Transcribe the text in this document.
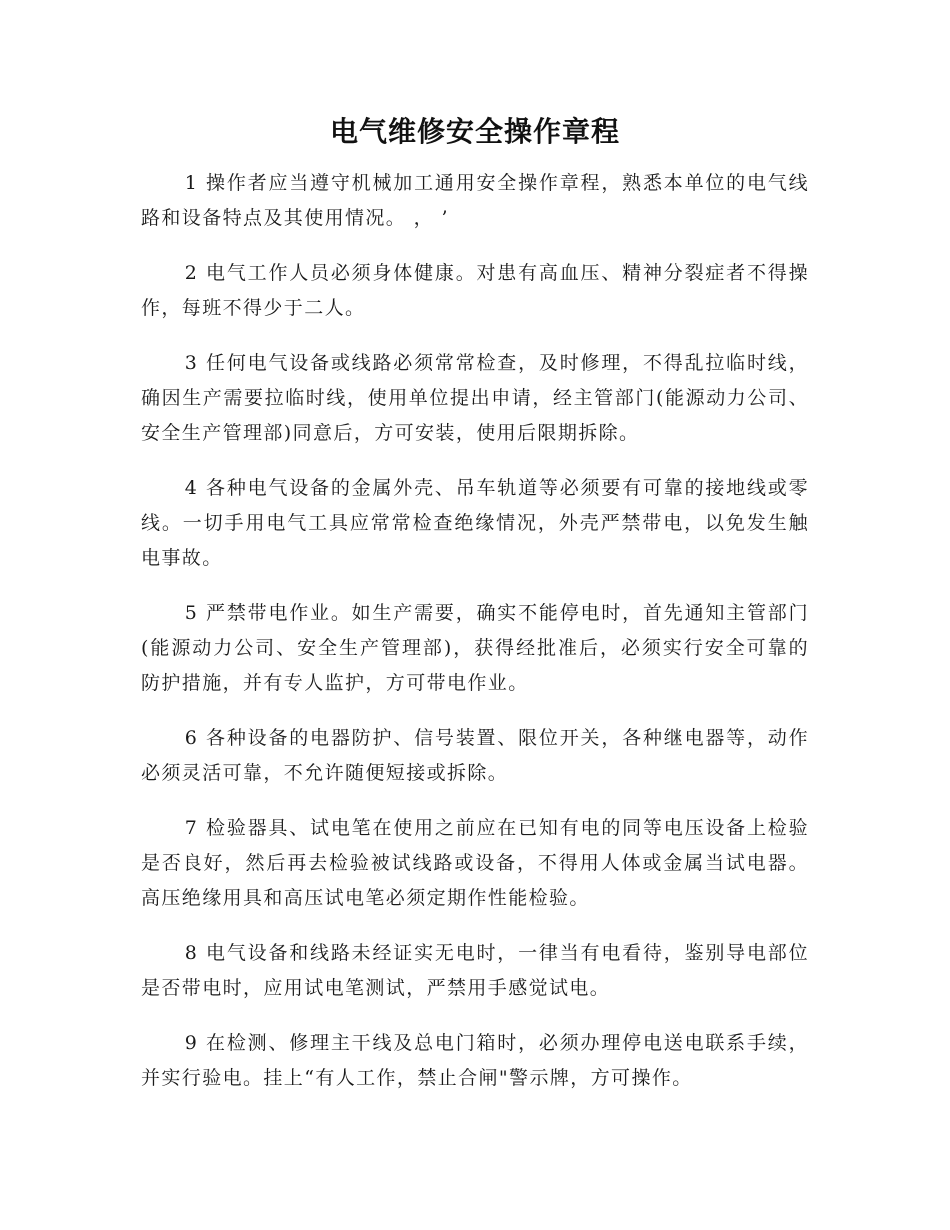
电气维修安全操作章程

1 操作者应当遵守机械加工通用安全操作章程，熟悉本单位的电气线路和设备特点及其使用情况。 ， ’

2 电气工作人员必须身体健康。对患有高血压、精神分裂症者不得操作，每班不得少于二人。

3 任何电气设备或线路必须常常检查，及时修理，不得乱拉临时线，确因生产需要拉临时线，使用单位提出申请，经主管部门(能源动力公司、安全生产管理部)同意后，方可安装，使用后限期拆除。

4 各种电气设备的金属外壳、吊车轨道等必须要有可靠的接地线或零线。一切手用电气工具应常常检查绝缘情况，外壳严禁带电，以免发生触电事故。

5 严禁带电作业。如生产需要，确实不能停电时，首先通知主管部门(能源动力公司、安全生产管理部)，获得经批准后，必须实行安全可靠的防护措施，并有专人监护，方可带电作业。

6 各种设备的电器防护、信号装置、限位开关，各种继电器等，动作必须灵活可靠，不允许随便短接或拆除。

7 检验器具、试电笔在使用之前应在已知有电的同等电压设备上检验是否良好，然后再去检验被试线路或设备，不得用人体或金属当试电器。高压绝缘用具和高压试电笔必须定期作性能检验。

8 电气设备和线路未经证实无电时，一律当有电看待，鉴别导电部位是否带电时，应用试电笔测试，严禁用手感觉试电。

9 在检测、修理主干线及总电门箱时，必须办理停电送电联系手续，并实行验电。挂上“有人工作，禁止合闸"警示牌，方可操作。
